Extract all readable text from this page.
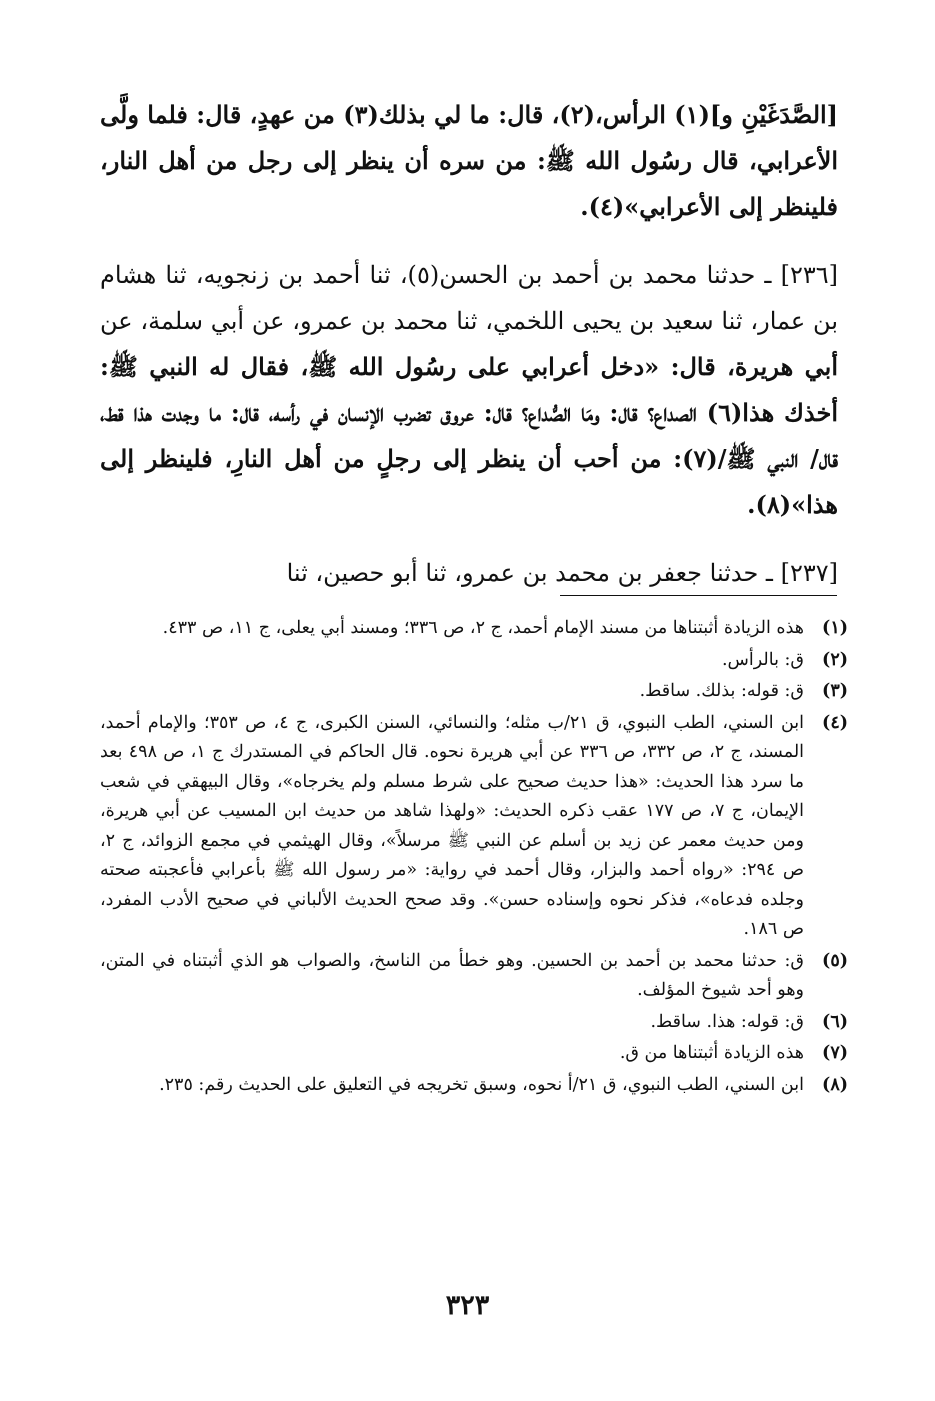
[الصَّدَغَيْنِ و](١) الرأس،(٢)، قال: ما لي بذلك(٣) من عهدٍ، قال: فلما ولَّى الأعرابي، قال رسُول الله ﷺ: من سره أن ينظر إلى رجل من أهل النار، فلينظر إلى الأعرابي»(٤).

[٢٣٦] ـ حدثنا محمد بن أحمد بن الحسن(٥)، ثنا أحمد بن زنجويه، ثنا هشام بن عمار، ثنا سعيد بن يحيى اللخمي، ثنا محمد بن عمرو، عن أبي سلمة، عن أبي هريرة، قال: «دخل أعرابي على رسُول الله ﷺ، فقال له النبي ﷺ: أخذك هذا(٦) الصداع؟ قال: ومَا الصُّداع؟ قال: عروق تضرب الإنسان في رأسه، قال: ما وجدت هذا قط، قال/ النبي ﷺ/(٧): من أحب أن ينظر إلى رجلٍ من أهل النارِ، فلينظر إلى هذا»(٨).

[٢٣٧] ـ حدثنا جعفر بن محمد بن عمرو، ثنا أبو حصين، ثنا

(١)
هذه الزيادة أثبتناها من مسند الإمام أحمد، ج ٢، ص ٣٣٦؛ ومسند أبي يعلى، ج ١١، ص ٤٣٣.
(٢)
ق: بالرأس.
(٣)
ق: قوله: بذلك. ساقط.
(٤)
ابن السني، الطب النبوي، ق ٢١/ب مثله؛ والنسائي، السنن الكبرى، ج ٤، ص ٣٥٣؛ والإمام أحمد، المسند، ج ٢، ص ٣٣٢، ص ٣٣٦ عن أبي هريرة نحوه. قال الحاكم في المستدرك ج ١، ص ٤٩٨ بعد ما سرد هذا الحديث: «هذا حديث صحيح على شرط مسلم ولم يخرجاه»، وقال البيهقي في شعب الإيمان، ج ٧، ص ١٧٧ عقب ذكره الحديث: «ولهذا شاهد من حديث ابن المسيب عن أبي هريرة، ومن حديث معمر عن زيد بن أسلم عن النبي ﷺ مرسلاً»، وقال الهيثمي في مجمع الزوائد، ج ٢، ص ٢٩٤: «رواه أحمد والبزار، وقال أحمد في رواية: «مر رسول الله ﷺ بأعرابي فأعجبته صحته وجلده فدعاه»، فذكر نحوه وإسناده حسن». وقد صحح الحديث الألباني في صحيح الأدب المفرد، ص ١٨٦.
(٥)
ق: حدثنا محمد بن أحمد بن الحسين. وهو خطأ من الناسخ، والصواب هو الذي أثبتناه في المتن، وهو أحد شيوخ المؤلف.
(٦)
ق: قوله: هذا. ساقط.
(٧)
هذه الزيادة أثبتناها من ق.
(٨)
ابن السني، الطب النبوي، ق ٢١/أ نحوه، وسبق تخريجه في التعليق على الحديث رقم: ٢٣٥.
٣٢٣
